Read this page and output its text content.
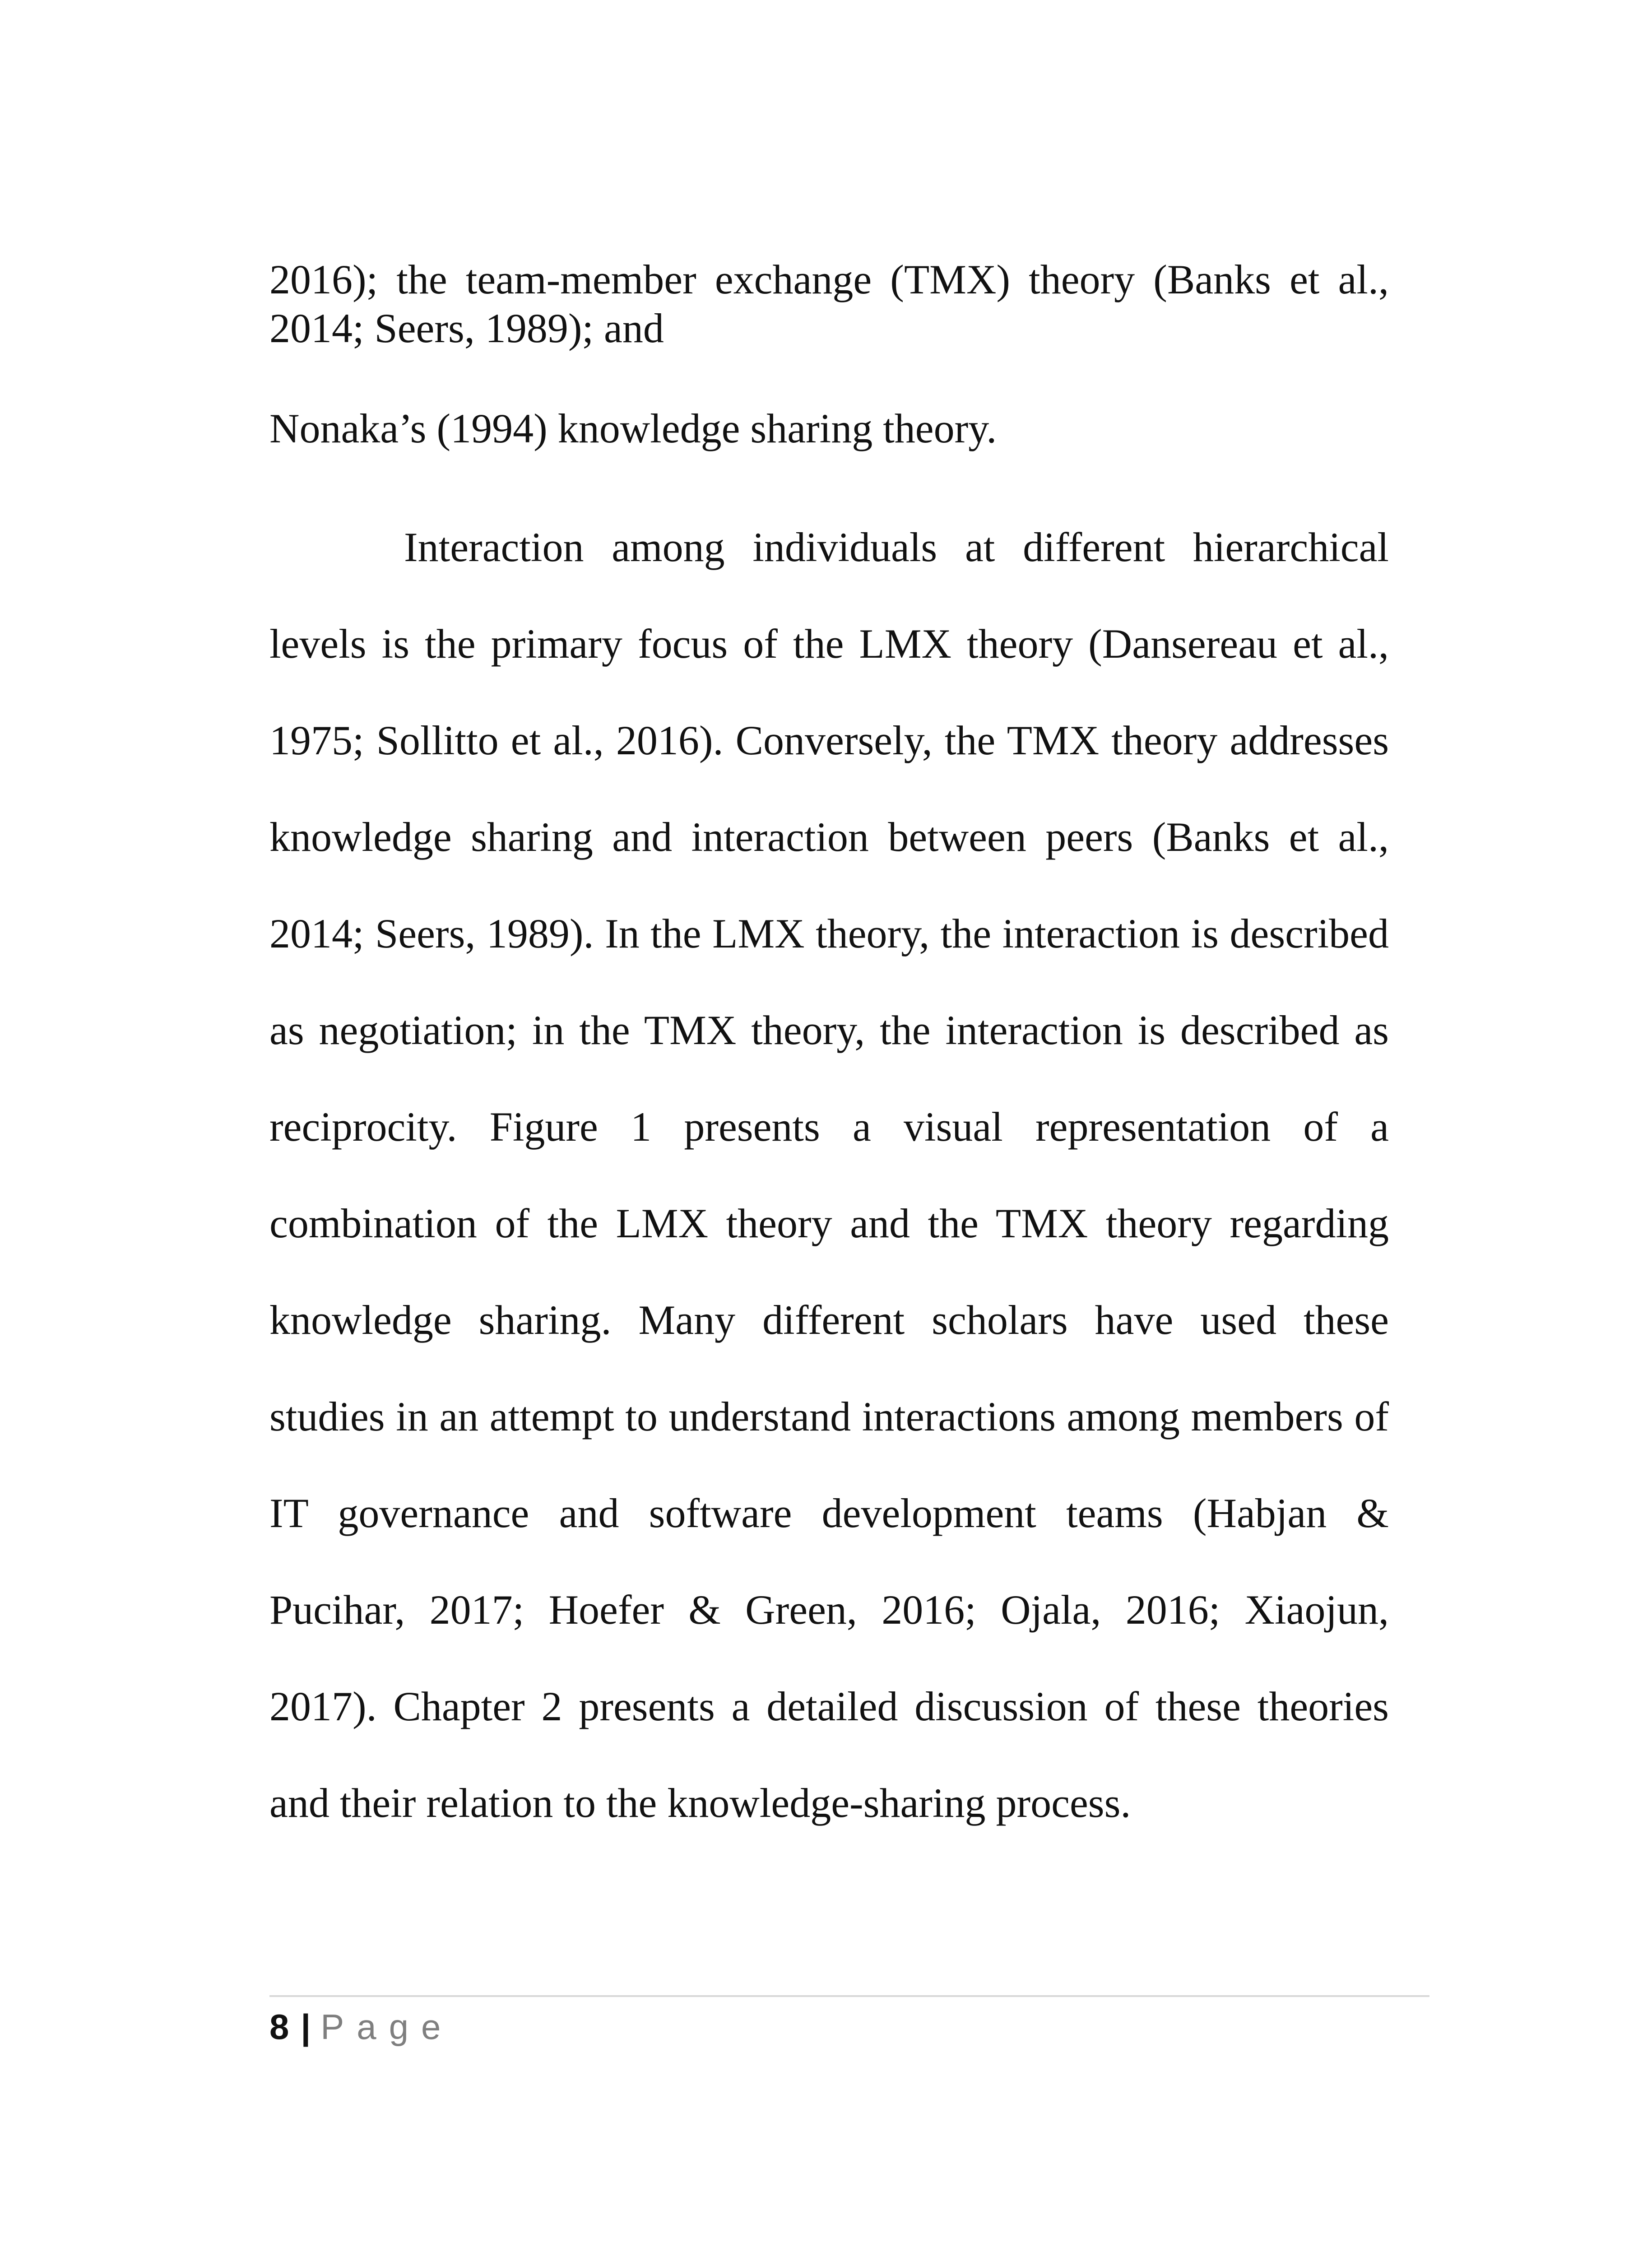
2016); the team-member exchange (TMX) theory (Banks et al., 2014; Seers, 1989); and

Nonaka’s (1994) knowledge sharing theory.

Interaction among individuals at different hierarchical levels is the primary focus of the LMX theory (Dansereau et al., 1975; Sollitto et al., 2016). Conversely, the TMX theory addresses knowledge sharing and interaction between peers (Banks et al., 2014; Seers, 1989). In the LMX theory, the interaction is described as negotiation; in the TMX theory, the interaction is described as reciprocity. Figure 1 presents a visual representation of a combination of the LMX theory and the TMX theory regarding knowledge sharing. Many different scholars have used these studies in an attempt to understand interactions among members of IT governance and software development teams (Habjan & Pucihar, 2017; Hoefer & Green, 2016; Ojala, 2016; Xiaojun, 2017). Chapter 2 presents a detailed discussion of these theories and their relation to the knowledge-sharing process.

8 | Page
